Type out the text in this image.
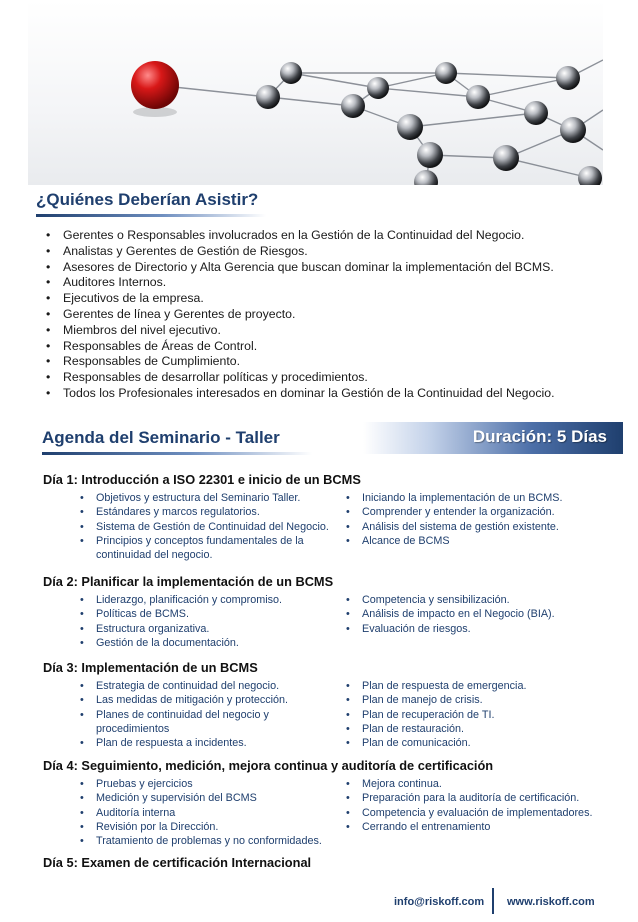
¿Quiénes Deberían Asistir?
• Gerentes o Responsables involucrados en la Gestión de la Continuidad del Negocio.
• Analistas y Gerentes de Gestión de Riesgos.
• Asesores de Directorio y Alta Gerencia que buscan dominar la implementación del BCMS.
• Auditores Internos.
• Ejecutivos de la empresa.
• Gerentes de línea y Gerentes de proyecto.
• Miembros del nivel ejecutivo.
• Responsables de Áreas de Control.
• Responsables de Cumplimiento.
• Responsables de desarrollar políticas y procedimientos.
• Todos los Profesionales interesados en dominar la Gestión de la Continuidad del Negocio.
Agenda del Seminario - Taller	Duración: 5 Días
Día 1: Introducción a ISO 22301 e inicio de un BCMS
• Objetivos y estructura del Seminario Taller.
• Estándares y marcos regulatorios.
• Sistema de Gestión de Continuidad del Negocio.
• Principios y conceptos fundamentales de la continuidad del negocio.
• Iniciando la implementación de un BCMS.
• Comprender y entender la organización.
• Análisis del sistema de gestión existente.
• Alcance de BCMS
Día 2: Planificar la implementación de un BCMS
• Liderazgo, planificación y compromiso.
• Políticas de BCMS.
• Estructura organizativa.
• Gestión de la documentación.
• Competencia y sensibilización.
• Análisis de impacto en el Negocio (BIA).
• Evaluación de riesgos.
Día 3: Implementación de un BCMS
• Estrategia de continuidad del negocio.
• Las medidas de mitigación y protección.
• Planes de continuidad del negocio y procedimientos
• Plan de respuesta a incidentes.
• Plan de respuesta de emergencia.
• Plan de manejo de crisis.
• Plan de recuperación de TI.
• Plan de restauración.
• Plan de comunicación.
Día 4: Seguimiento, medición, mejora continua y auditoría de certificación
• Pruebas y ejercicios
• Medición y supervisión del BCMS
• Auditoría interna
• Revisión por la Dirección.
• Tratamiento de problemas y no conformidades.
• Mejora continua.
• Preparación para la auditoría de certificación.
• Competencia y evaluación de implementadores.
• Cerrando el entrenamiento
Día 5: Examen de certificación Internacional
info@riskoff.com www.riskoff.com
